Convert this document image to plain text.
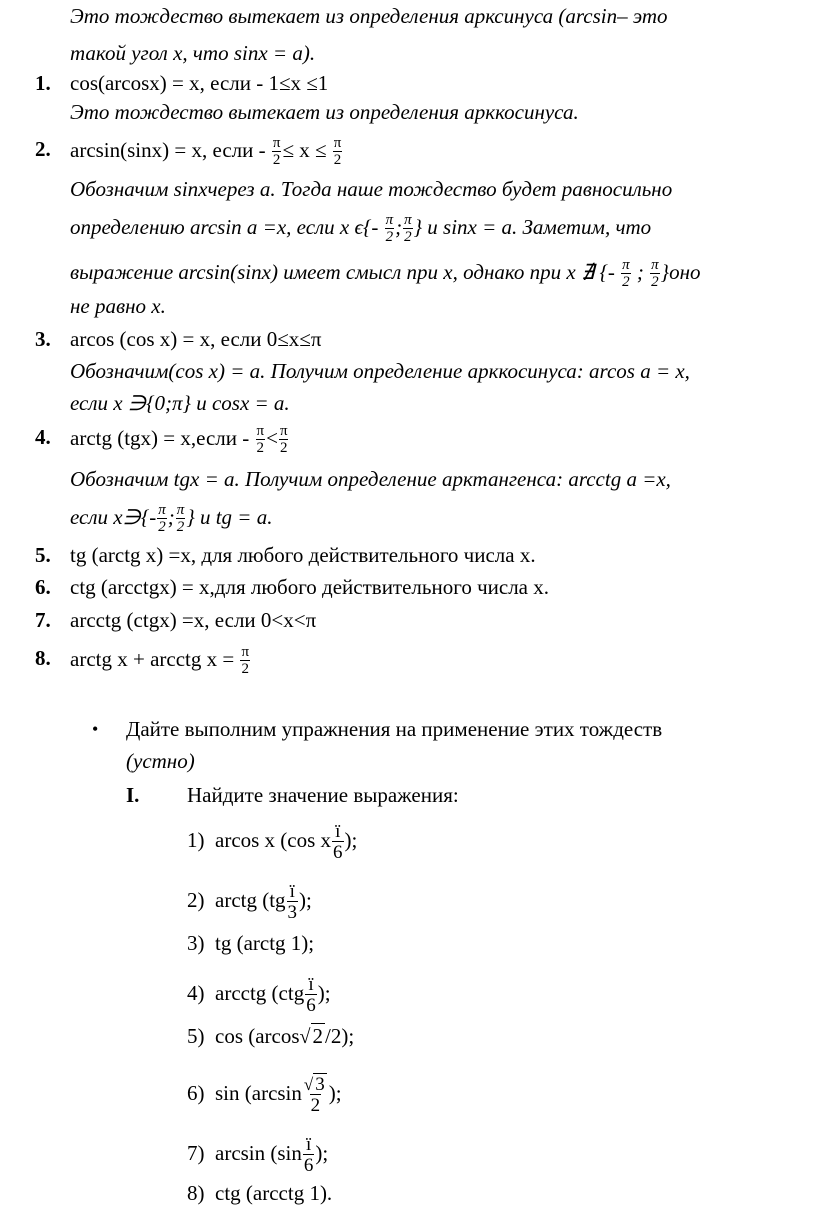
Это тождество вытекает из определения арксинуса (arcsin– это
такой угол x, что sinx = a).
1. cos(arcosx) = x, если - 1≤x ≤1
Это тождество вытекает из определения арккосинуса.
2. arcsin(sinx) = x, если - $\frac{\pi}{2} \le x \le \frac{\pi}{2}$
Обозначим sinxчерез a. Тогда наше тождество будет равносильно
определению arcsin a =x, если x $\epsilon\{- \frac{\pi}{2}$ ; $\frac{\pi}{2}$ } и sinx = a. Заметим, что
выражение arcsin(sinx) имеет смысл при x, однако при x ∄ {- $\frac{\pi}{2}$ ; $\frac{\pi}{2} \}оно$
не равно x.
3. arcos (cos x) = x, если 0≤x≤π
Обозначим(cos x) = a. Получим определение арккосинуса: arcos a = x,
если x ∋{0;π} и cosx = a.
4. arctg (tgx) = x,если - $\frac{\pi}{2} < \frac{\pi}{2}$
Обозначим tgx = a. Получим определение арктангенса: arcctg a =x,
если x∋{- $\frac{\pi}{2}$ ; $\frac{\pi}{2}$ } и tg = a.
5. tg (arctg x) =x, для любого действительного числа x.
6. ctg (arcctgx) = x,для любого действительного числа x.
7. arcctg (ctgx) =x, если 0<x<π
8. arctg x + arcctg $x = \frac{\pi}{2}$
• Дайте выполним упражнения на применение этих тождеств
(устно)
I. Найдите значение выражения:
1) arcos x (cos x $\frac{ï}{6}$ );
2) arctg ($tg \frac{ï}{3}$ );
3) tg (arctg 1);
4) arcctg ($ctg \frac{ï}{6}$ );
5) cos (arcos√2/2);
6) $\sin (\arcsin \frac{√ 3}{2}$ );
7) $\arcsin (\sin \frac{ï}{6}$ );
8) ctg (arcctg 1).
